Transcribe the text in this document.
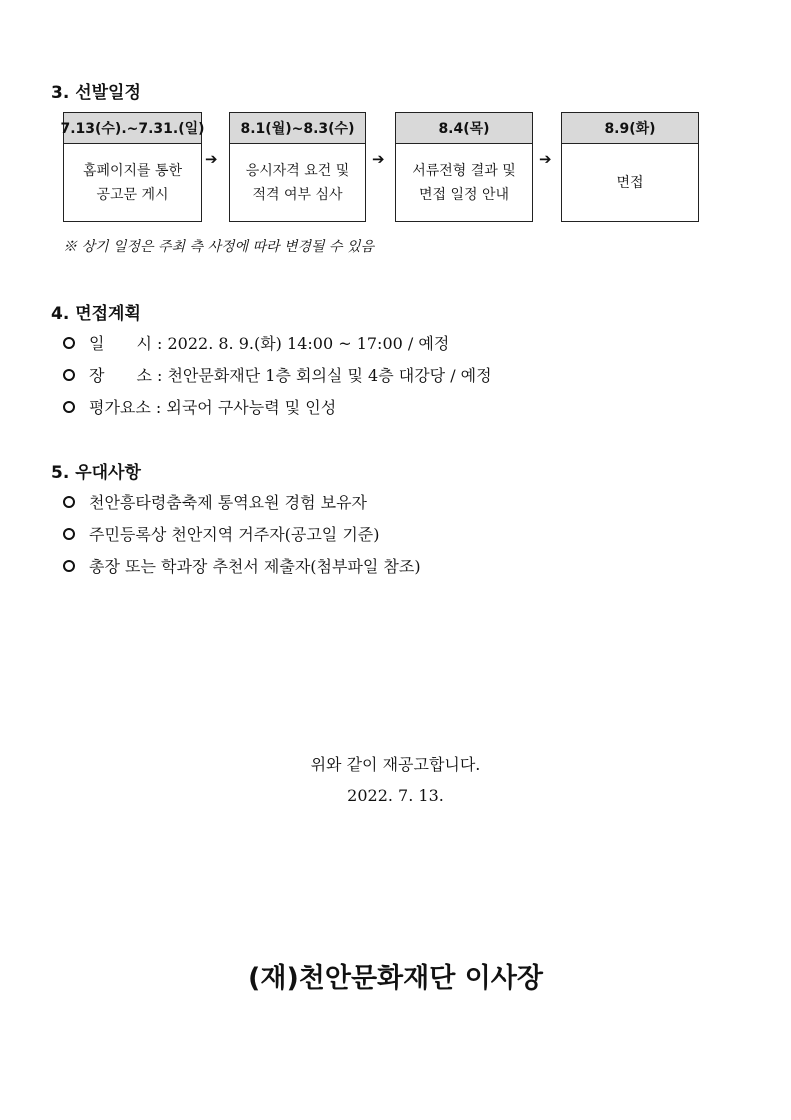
3. 선발일정
7.13(수).~7.31.(일)
홈페이지를 통한
공고문 게시
➔
8.1(월)~8.3(수)
응시자격 요건 및
적격 여부 심사
➔
8.4(목)
서류전형 결과 및
면접 일정 안내
➔
8.9(화)
면접
※ 상기 일정은 주최 측 사정에 따라 변경될 수 있음
4. 면접계획
일　　시 : 2022. 8. 9.(화) 14:00 ~ 17:00 / 예정
장　　소 : 천안문화재단 1층 회의실 및 4층 대강당 / 예정
평가요소 : 외국어 구사능력 및 인성
5. 우대사항
천안흥타령춤축제 통역요원 경험 보유자
주민등록상 천안지역 거주자(공고일 기준)
총장 또는 학과장 추천서 제출자(첨부파일 참조)
위와 같이 재공고합니다.
2022. 7. 13.
(재)천안문화재단 이사장
